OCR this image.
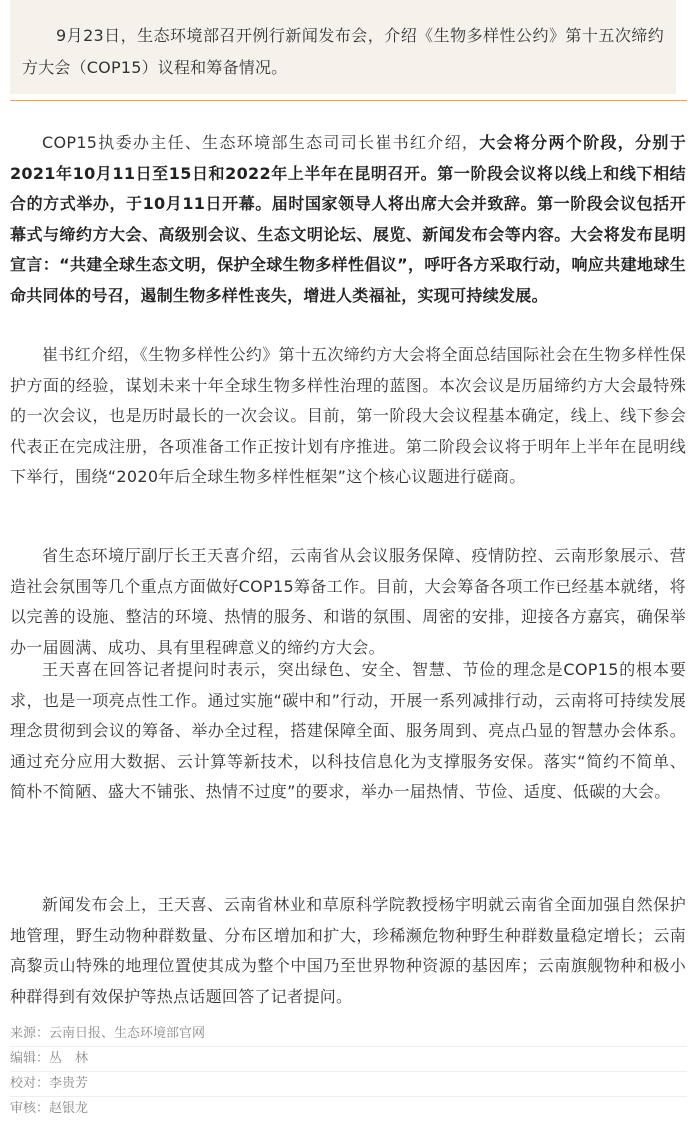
9月23日，生态环境部召开例行新闻发布会，介绍《生物多样性公约》第十五次缔约方大会（COP15）议程和筹备情况。

COP15执委办主任、生态环境部生态司司长崔书红介绍，大会将分两个阶段，分别于2021年10月11日至15日和2022年上半年在昆明召开。第一阶段会议将以线上和线下相结合的方式举办，于10月11日开幕。届时国家领导人将出席大会并致辞。第一阶段会议包括开幕式与缔约方大会、高级别会议、生态文明论坛、展览、新闻发布会等内容。大会将发布昆明宣言：“共建全球生态文明，保护全球生物多样性倡议”，呼吁各方采取行动，响应共建地球生命共同体的号召，遏制生物多样性丧失，增进人类福祉，实现可持续发展。

崔书红介绍，《生物多样性公约》第十五次缔约方大会将全面总结国际社会在生物多样性保护方面的经验，谋划未来十年全球生物多样性治理的蓝图。本次会议是历届缔约方大会最特殊的一次会议，也是历时最长的一次会议。目前，第一阶段大会议程基本确定，线上、线下参会代表正在完成注册，各项准备工作正按计划有序推进。第二阶段会议将于明年上半年在昆明线下举行，围绕“2020年后全球生物多样性框架”这个核心议题进行磋商。

省生态环境厅副厅长王天喜介绍，云南省从会议服务保障、疫情防控、云南形象展示、营造社会氛围等几个重点方面做好COP15筹备工作。目前，大会筹备各项工作已经基本就绪，将以完善的设施、整洁的环境、热情的服务、和谐的氛围、周密的安排，迎接各方嘉宾，确保举办一届圆满、成功、具有里程碑意义的缔约方大会。

王天喜在回答记者提问时表示，突出绿色、安全、智慧、节俭的理念是COP15的根本要求，也是一项亮点性工作。通过实施“碳中和”行动，开展一系列减排行动，云南将可持续发展理念贯彻到会议的筹备、举办全过程，搭建保障全面、服务周到、亮点凸显的智慧办会体系。通过充分应用大数据、云计算等新技术，以科技信息化为支撑服务安保。落实“简约不简单、简朴不简陋、盛大不铺张、热情不过度”的要求，举办一届热情、节俭、适度、低碳的大会。

新闻发布会上，王天喜、云南省林业和草原科学院教授杨宇明就云南省全面加强自然保护地管理，野生动物种群数量、分布区增加和扩大，珍稀濒危物种野生种群数量稳定增长；云南高黎贡山特殊的地理位置使其成为整个中国乃至世界物种资源的基因库；云南旗舰物种和极小种群得到有效保护等热点话题回答了记者提问。

来源：云南日报、生态环境部官网
编辑：丛　林
校对：李贵芳
审核：赵银龙
